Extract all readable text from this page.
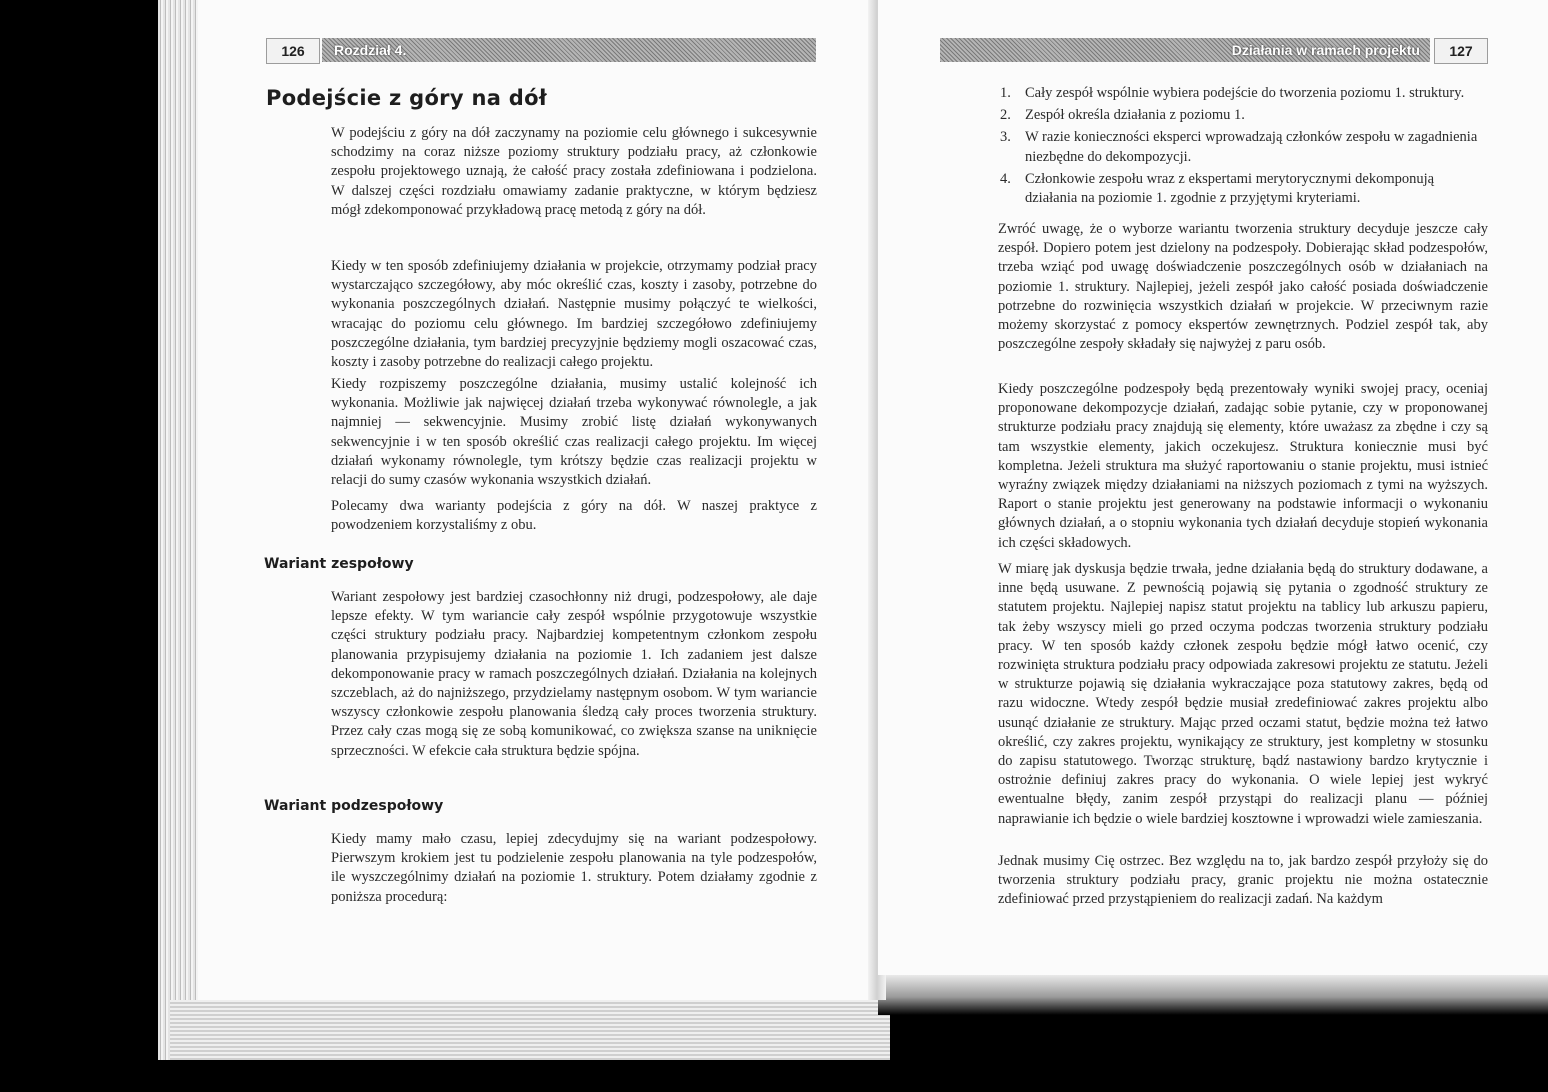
126	Rozdział 4.
Podejście z góry na dół

W podejściu z góry na dół zaczynamy na poziomie celu głównego i sukcesywnie schodzimy na coraz niższe poziomy struktury podziału pracy, aż członkowie zespołu projektowego uznają, że całość pracy została zdefiniowana i podzielona. W dalszej części rozdziału omawiamy zadanie praktyczne, w którym będziesz mógł zdekomponować przykładową pracę metodą z góry na dół.

Kiedy w ten sposób zdefiniujemy działania w projekcie, otrzymamy podział pracy wystarczająco szczegółowy, aby móc określić czas, koszty i zasoby, potrzebne do wykonania poszczególnych działań. Następnie musimy połączyć te wielkości, wracając do poziomu celu głównego. Im bardziej szczegółowo zdefiniujemy poszczególne działania, tym bardziej precyzyjnie będziemy mogli oszacować czas, koszty i zasoby potrzebne do realizacji całego projektu.

Kiedy rozpiszemy poszczególne działania, musimy ustalić kolejność ich wykonania. Możliwie jak najwięcej działań trzeba wykonywać równolegle, a jak najmniej — sekwencyjnie. Musimy zrobić listę działań wykonywanych sekwencyjnie i w ten sposób określić czas realizacji całego projektu. Im więcej działań wykonamy równolegle, tym krótszy będzie czas realizacji projektu w relacji do sumy czasów wykonania wszystkich działań.

Polecamy dwa warianty podejścia z góry na dół. W naszej praktyce z powodzeniem korzystaliśmy z obu.

Wariant zespołowy

Wariant zespołowy jest bardziej czasochłonny niż drugi, podzespołowy, ale daje lepsze efekty. W tym wariancie cały zespół wspólnie przygotowuje wszystkie części struktury podziału pracy. Najbardziej kompetentnym członkom zespołu planowania przypisujemy działania na poziomie 1. Ich zadaniem jest dalsze dekomponowanie pracy w ramach poszczególnych działań. Działania na kolejnych szczeblach, aż do najniższego, przydzielamy następnym osobom. W tym wariancie wszyscy członkowie zespołu planowania śledzą cały proces tworzenia struktury. Przez cały czas mogą się ze sobą komunikować, co zwiększa szanse na uniknięcie sprzeczności. W efekcie cała struktura będzie spójna.

Wariant podzespołowy

Kiedy mamy mało czasu, lepiej zdecydujmy się na wariant podzespołowy. Pierwszym krokiem jest tu podzielenie zespołu planowania na tyle podzespołów, ile wyszczególnimy działań na poziomie 1. struktury. Potem działamy zgodnie z poniższa procedurą:

Działania w ramach projektu	127
1. Cały zespół wspólnie wybiera podejście do tworzenia poziomu 1. struktury.
2. Zespół określa działania z poziomu 1.
3. W razie konieczności eksperci wprowadzają członków zespołu w zagadnienia niezbędne do dekompozycji.
4. Członkowie zespołu wraz z ekspertami merytorycznymi dekomponują działania na poziomie 1. zgodnie z przyjętymi kryteriami.

Zwróć uwagę, że o wyborze wariantu tworzenia struktury decyduje jeszcze cały zespół. Dopiero potem jest dzielony na podzespoły. Dobierając skład podzespołów, trzeba wziąć pod uwagę doświadczenie poszczególnych osób w działaniach na poziomie 1. struktury. Najlepiej, jeżeli zespół jako całość posiada doświadczenie potrzebne do rozwinięcia wszystkich działań w projekcie. W przeciwnym razie możemy skorzystać z pomocy ekspertów zewnętrznych. Podziel zespół tak, aby poszczególne zespoły składały się najwyżej z paru osób.

Kiedy poszczególne podzespoły będą prezentowały wyniki swojej pracy, oceniaj proponowane dekompozycje działań, zadając sobie pytanie, czy w proponowanej strukturze podziału pracy znajdują się elementy, które uważasz za zbędne i czy są tam wszystkie elementy, jakich oczekujesz. Struktura koniecznie musi być kompletna. Jeżeli struktura ma służyć raportowaniu o stanie projektu, musi istnieć wyraźny związek między działaniami na niższych poziomach z tymi na wyższych. Raport o stanie projektu jest generowany na podstawie informacji o wykonaniu głównych działań, a o stopniu wykonania tych działań decyduje stopień wykonania ich części składowych.

W miarę jak dyskusja będzie trwała, jedne działania będą do struktury dodawane, a inne będą usuwane. Z pewnością pojawią się pytania o zgodność struktury ze statutem projektu. Najlepiej napisz statut projektu na tablicy lub arkuszu papieru, tak żeby wszyscy mieli go przed oczyma podczas tworzenia struktury podziału pracy. W ten sposób każdy członek zespołu będzie mógł łatwo ocenić, czy rozwinięta struktura podziału pracy odpowiada zakresowi projektu ze statutu. Jeżeli w strukturze pojawią się działania wykraczające poza statutowy zakres, będą od razu widoczne. Wtedy zespół będzie musiał zredefiniować zakres projektu albo usunąć działanie ze struktury. Mając przed oczami statut, będzie można też łatwo określić, czy zakres projektu, wynikający ze struktury, jest kompletny w stosunku do zapisu statutowego. Tworząc strukturę, bądź nastawiony bardzo krytycznie i ostrożnie definiuj zakres pracy do wykonania. O wiele lepiej jest wykryć ewentualne błędy, zanim zespół przystąpi do realizacji planu — później naprawianie ich będzie o wiele bardziej kosztowne i wprowadzi wiele zamieszania.

Jednak musimy Cię ostrzec. Bez względu na to, jak bardzo zespół przyłoży się do tworzenia struktury podziału pracy, granic projektu nie można ostatecznie zdefiniować przed przystąpieniem do realizacji zadań. Na każdym
